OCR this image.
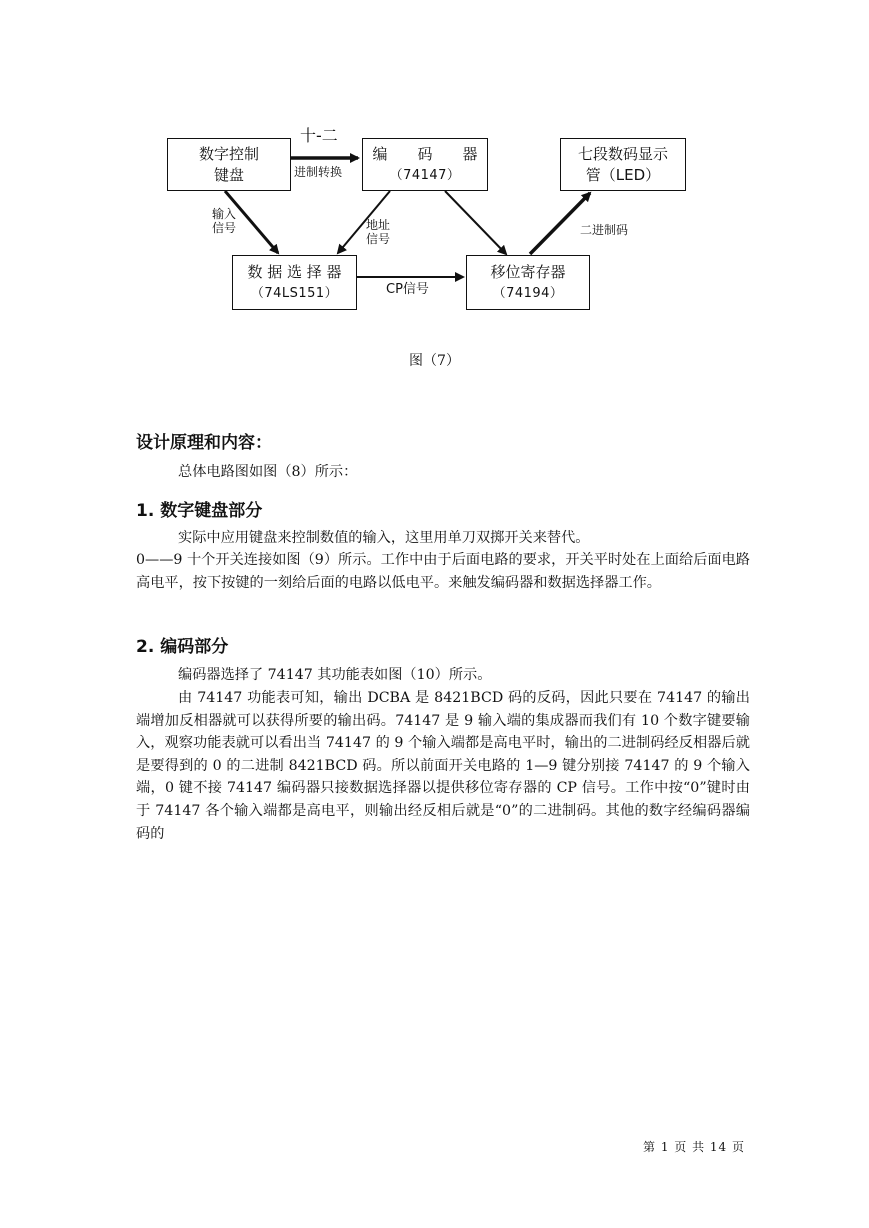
数字控制
键盘
编　　码　　器
（74147）
七段数码显示
管（LED）
数 据 选 择 器
（74LS151）
移位寄存器
（74194）
十-二
进制转换
输入
信号	地址
信号
二进制码
CP信号
图（7）
设计原理和内容：
总体电路图如图（8）所示：
1. 数字键盘部分
实际中应用键盘来控制数值的输入，这里用单刀双掷开关来替代。
0——9 十个开关连接如图（9）所示。工作中由于后面电路的要求，开关平时处在上面给后面电路高电平，按下按键的一刻给后面的电路以低电平。来触发编码器和数据选择器工作。
2. 编码部分
编码器选择了 74147 其功能表如图（10）所示。
由 74147 功能表可知，输出 DCBA 是 8421BCD 码的反码，因此只要在 74147 的输出端增加反相器就可以获得所要的输出码。74147 是 9 输入端的集成器而我们有 10 个数字键要输入，观察功能表就可以看出当 74147 的 9 个输入端都是高电平时，输出的二进制码经反相器后就是要得到的 0 的二进制 8421BCD 码。所以前面开关电路的 1—9 键分别接 74147 的 9 个输入端，0 键不接 74147 编码器只接数据选择器以提供移位寄存器的 CP 信号。工作中按“0”键时由于 74147 各个输入端都是高电平，则输出经反相后就是“0”的二进制码。其他的数字经编码器编码的
第 1 页 共 14 页
